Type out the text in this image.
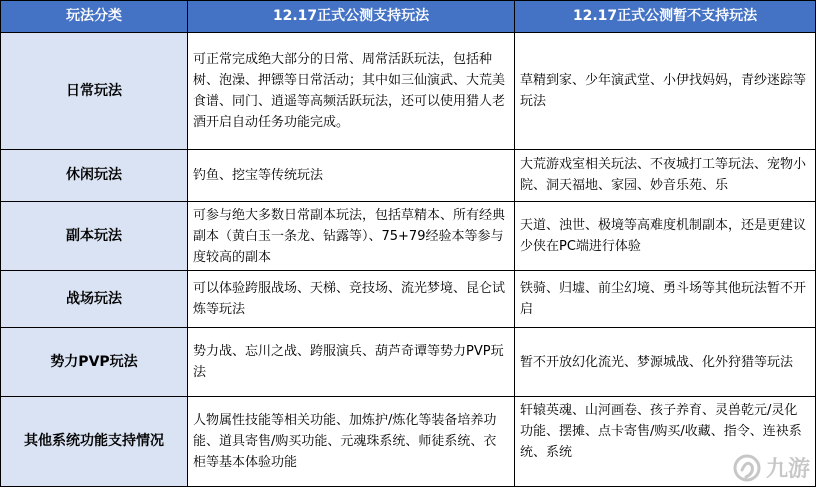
玩法分类	12.17正式公测支持玩法	12.17正式公测暂不支持玩法
日常玩法	可正常完成绝大部分的日常、周常活跃玩法，包括种树、泡澡、押镖等日常活动；其中如三仙演武、大荒美食谱、同门、逍遥等高频活跃玩法，还可以使用猎人老酒开启自动任务功能完成。	草精到家、少年演武堂、小伊找妈妈，青纱迷踪等玩法
休闲玩法	钓鱼、挖宝等传统玩法	大荒游戏室相关玩法、不夜城打工等玩法、宠物小院、洞天福地、家园、妙音乐苑、乐

副本玩法	可参与绝大多数日常副本玩法，包括草精本、所有经典副本（黄白玉一条龙、钻露等）、75+79经验本等参与度较高的副本	天道、浊世、极境等高难度机制副本，还是更建议少侠在PC端进行体验
战场玩法	可以体验跨服战场、天梯、竞技场、流光梦境、昆仑试炼等玩法	铁骑、归墟、前尘幻境、勇斗场等其他玩法暂不开启
势力PVP玩法	势力战、忘川之战、跨服演兵、葫芦奇谭等势力PVP玩法	暂不开放幻化流光、梦源城战、化外狩猎等玩法
其他系统功能支持情况	人物属性技能等相关功能、加炼护/炼化等装备培养功能、道具寄售/购买功能、元魂珠系统、师徒系统、衣柜等基本体验功能	轩辕英魂、山河画卷、孩子养育、灵兽乾元/灵化功能、摆摊、点卡寄售/购买/收藏、指令、连袂系统、系统
九游
